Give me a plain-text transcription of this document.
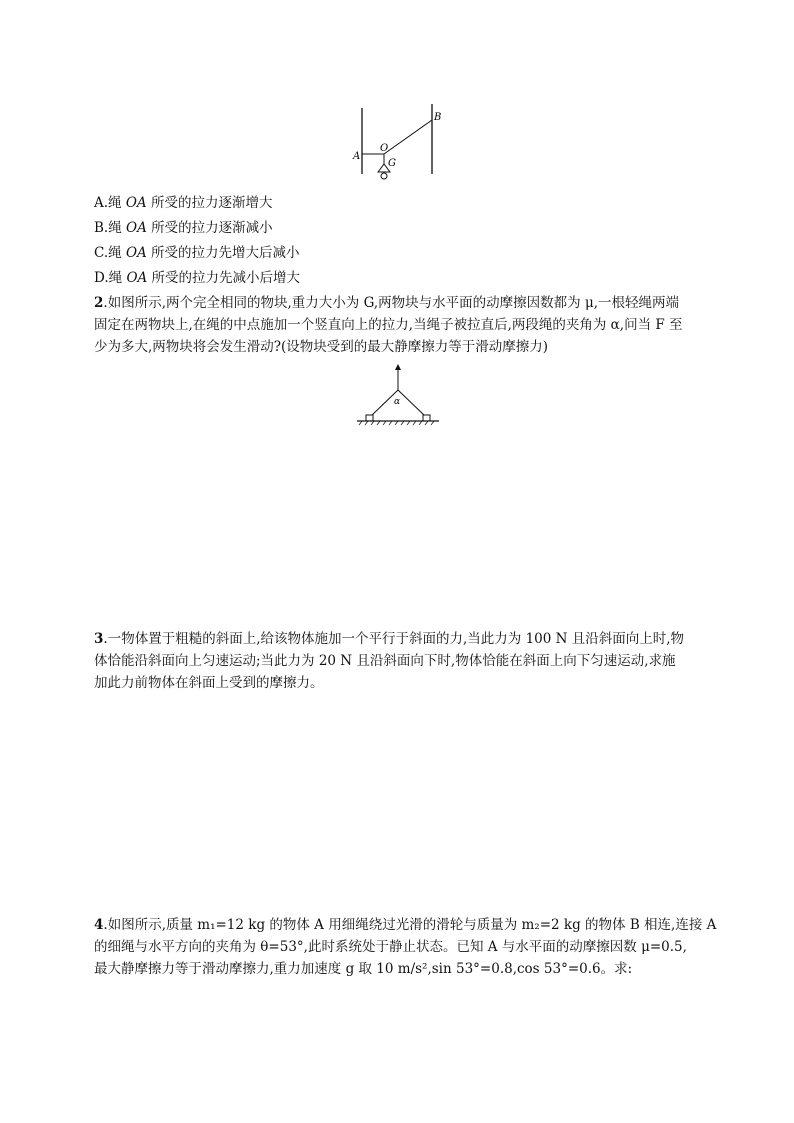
B
O
A
G
A.绳 OA 所受的拉力逐渐增大
B.绳 OA 所受的拉力逐渐减小
C.绳 OA 所受的拉力先增大后减小
D.绳 OA 所受的拉力先减小后增大
2.如图所示,两个完全相同的物块,重力大小为 G,两物块与水平面的动摩擦因数都为 μ,一根轻绳两端
固定在两物块上,在绳的中点施加一个竖直向上的拉力,当绳子被拉直后,两段绳的夹角为 α,问当 F 至
少为多大,两物块将会发生滑动?(设物块受到的最大静摩擦力等于滑动摩擦力)
α
3.一物体置于粗糙的斜面上,给该物体施加一个平行于斜面的力,当此力为 100 N 且沿斜面向上时,物
体恰能沿斜面向上匀速运动;当此力为 20 N 且沿斜面向下时,物体恰能在斜面上向下匀速运动,求施
加此力前物体在斜面上受到的摩擦力。
4.如图所示,质量 m₁=12 kg 的物体 A 用细绳绕过光滑的滑轮与质量为 m₂=2 kg 的物体 B 相连,连接 A
的细绳与水平方向的夹角为 θ=53°,此时系统处于静止状态。已知 A 与水平面的动摩擦因数 μ=0.5,
最大静摩擦力等于滑动摩擦力,重力加速度 g 取 10 m/s²,sin 53°=0.8,cos 53°=0.6。求:
